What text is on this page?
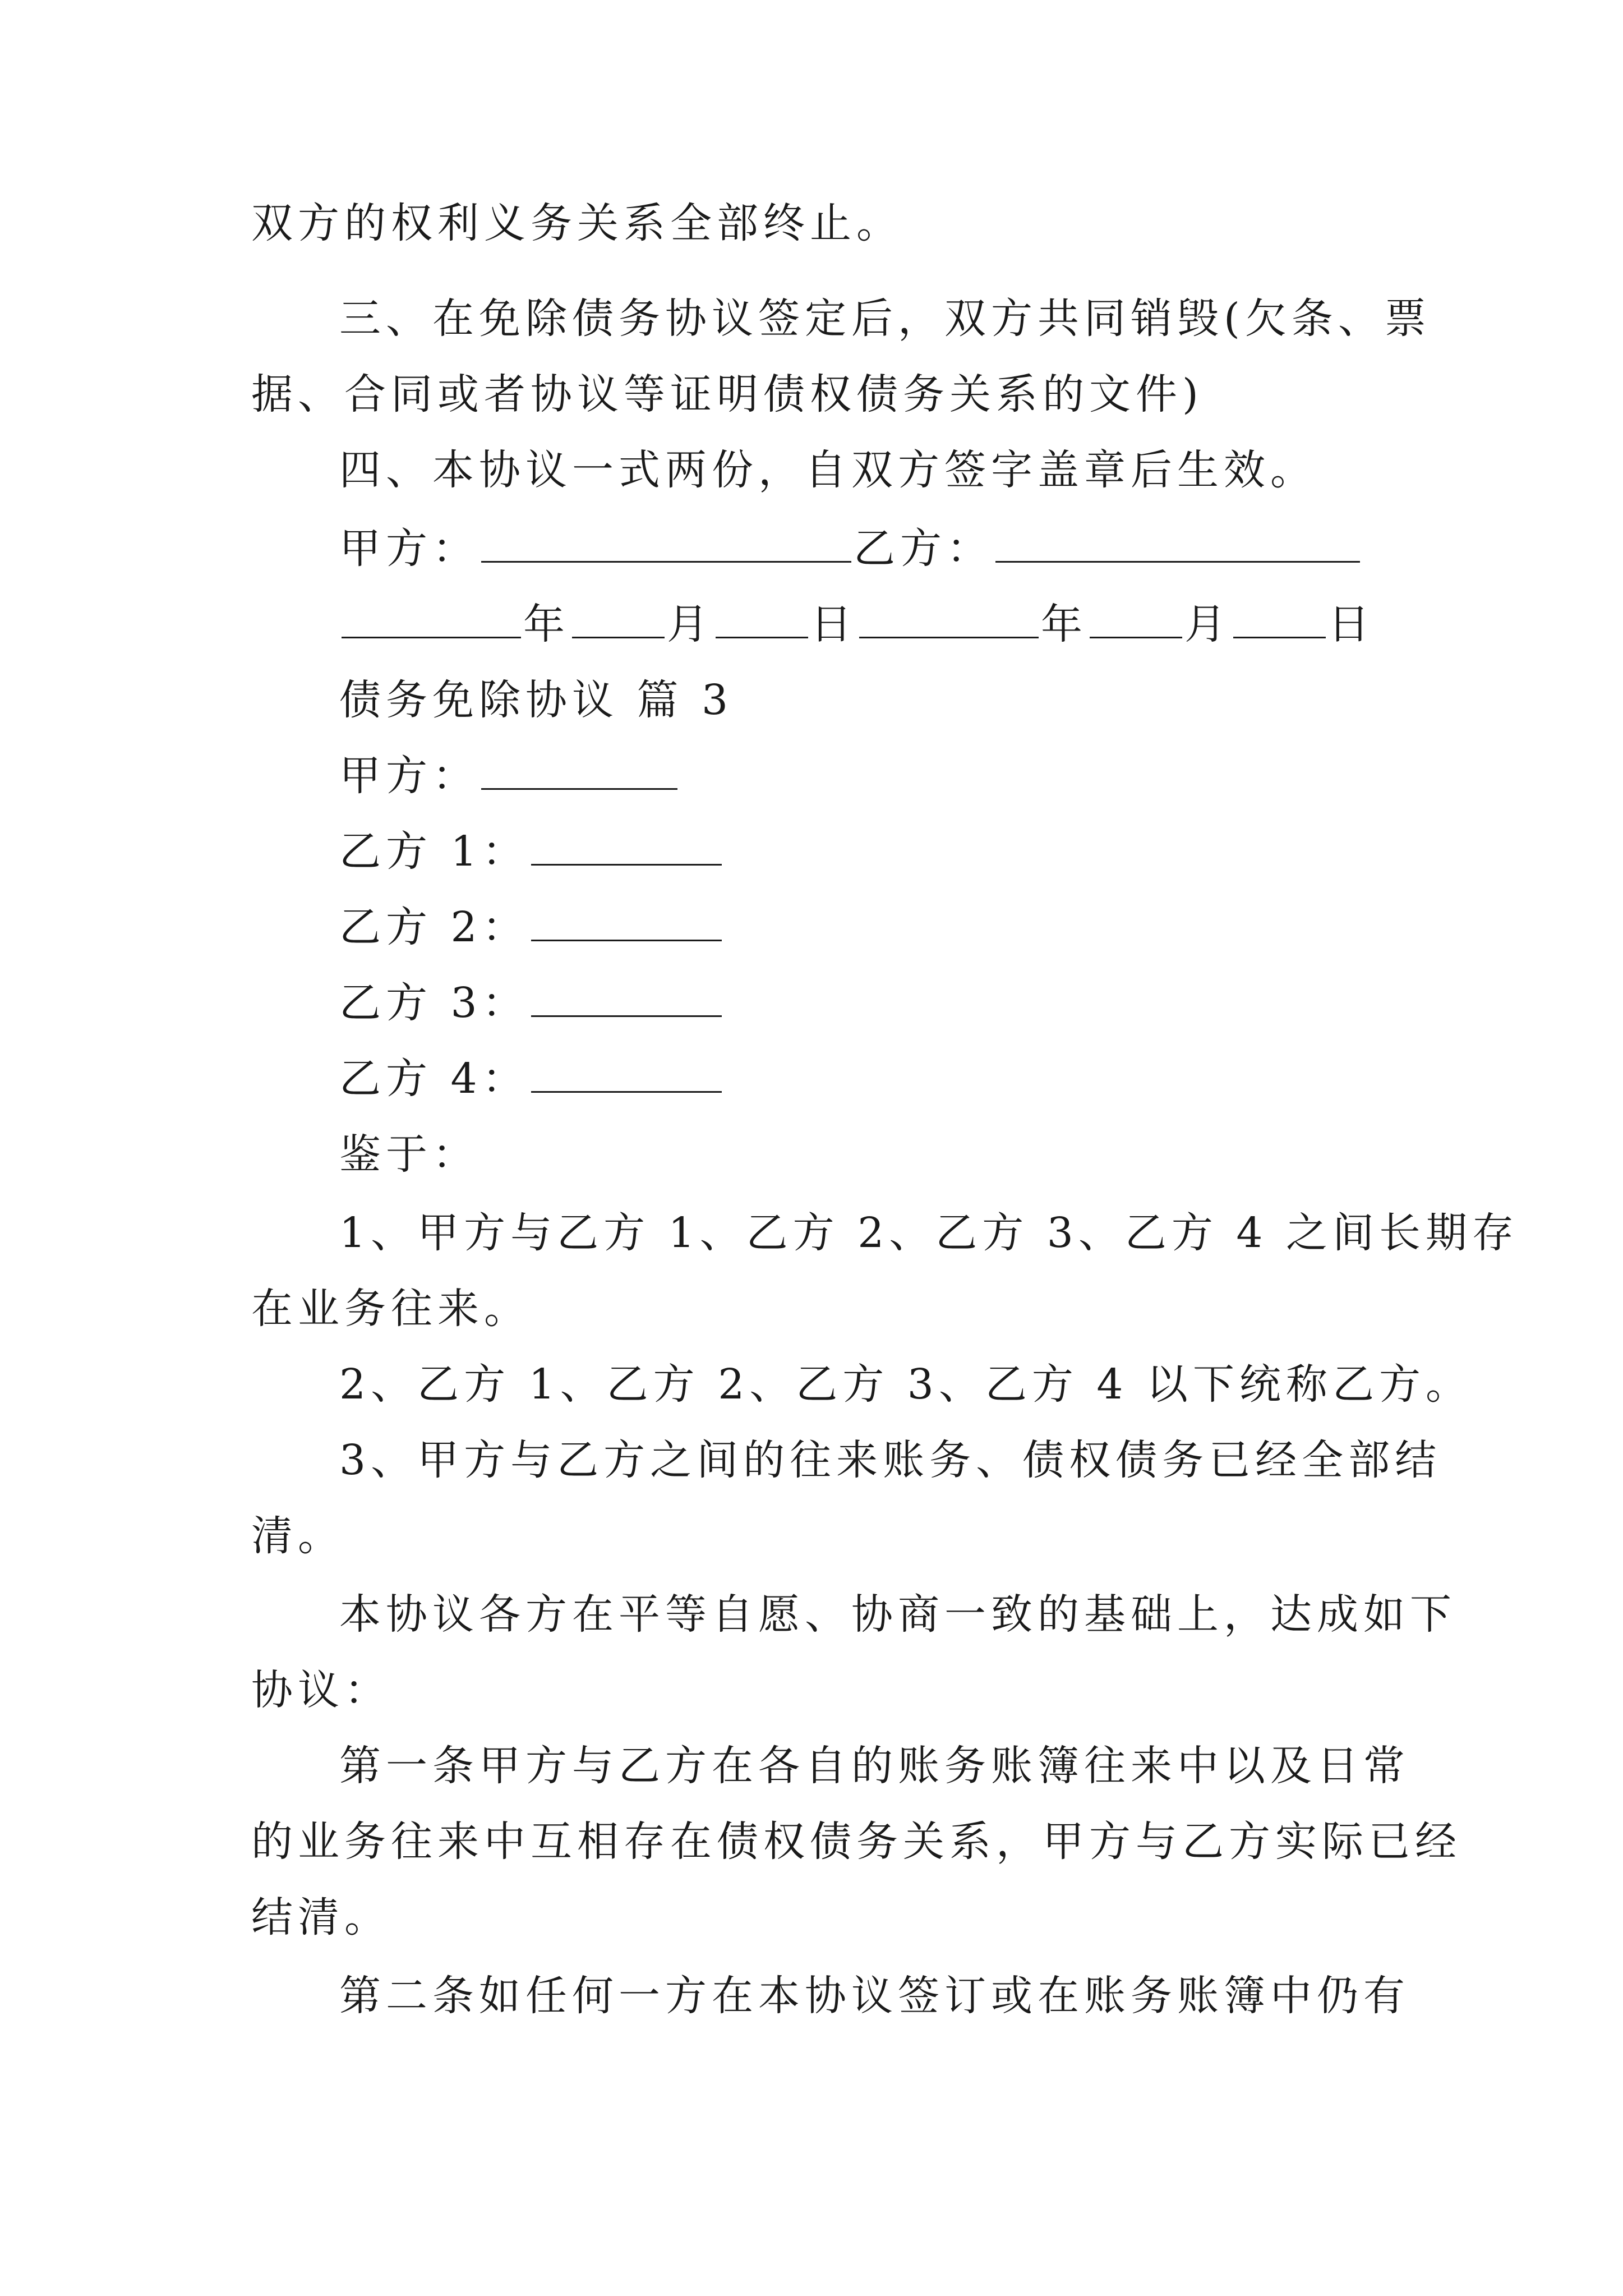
双方的权利义务关系全部终止。
三、在免除债务协议签定后，双方共同销毁(欠条、票
据、合同或者协议等证明债权债务关系的文件)
四、本协议一式两份，自双方签字盖章后生效。
甲方：	乙方：
年 月 日	年 月 日
债务免除协议 篇 3
甲方：
乙方 1：
乙方 2：
乙方 3：
乙方 4：
鉴于：
1、甲方与乙方 1、乙方 2、乙方 3、乙方 4 之间长期存
在业务往来。
2、乙方 1、乙方 2、乙方 3、乙方 4 以下统称乙方。
3、甲方与乙方之间的往来账务、债权债务已经全部结
清。
本协议各方在平等自愿、协商一致的基础上，达成如下
协议：
第一条甲方与乙方在各自的账务账簿往来中以及日常
的业务往来中互相存在债权债务关系，甲方与乙方实际已经
结清。
第二条如任何一方在本协议签订或在账务账簿中仍有
